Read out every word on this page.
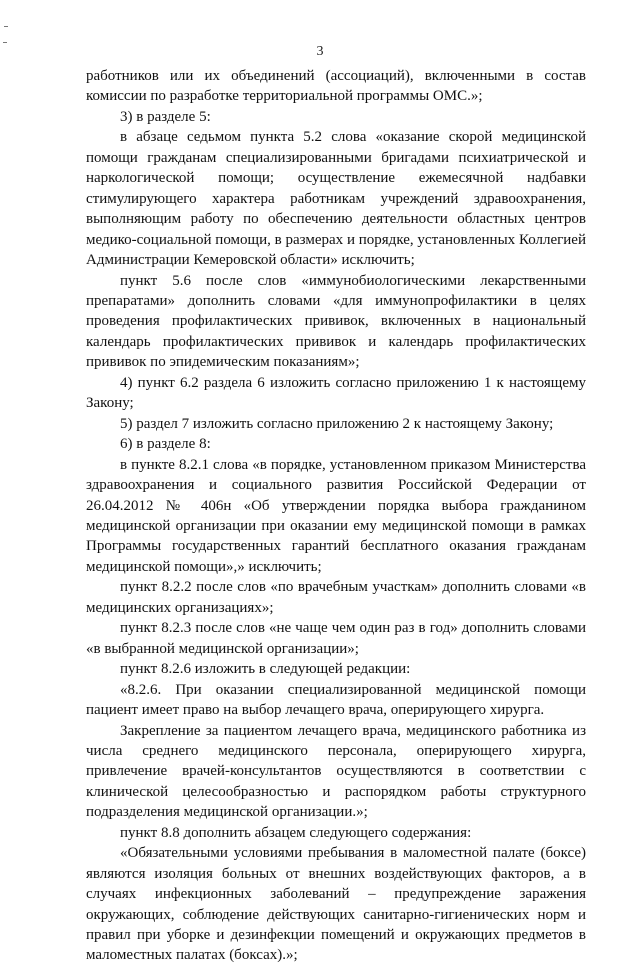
3

работников или их объединений (ассоциаций), включенными в состав комиссии по разработке территориальной программы ОМС.»;

3) в разделе 5:

в абзаце седьмом пункта 5.2 слова «оказание скорой медицинской помощи гражданам специализированными бригадами психиатрической и наркологической помощи; осуществление ежемесячной надбавки стимулирующего характера работникам учреждений здравоохранения, выполняющим работу по обеспечению деятельности областных центров медико-социальной помощи, в размерах и порядке, установленных Коллегией Администрации Кемеровской области» исключить;

пункт 5.6 после слов «иммунобиологическими лекарственными препаратами» дополнить словами «для иммунопрофилактики в целях проведения профилактических прививок, включенных в национальный календарь профилактических прививок и календарь профилактических прививок по эпидемическим показаниям»;

4) пункт 6.2 раздела 6 изложить согласно приложению 1 к настоящему Закону;

5) раздел 7 изложить согласно приложению 2 к настоящему Закону;

6) в разделе 8:

в пункте 8.2.1 слова «в порядке, установленном приказом Министерства здравоохранения и социального развития Российской Федерации от 26.04.2012 № 406н «Об утверждении порядка выбора гражданином медицинской организации при оказании ему медицинской помощи в рамках Программы государственных гарантий бесплатного оказания гражданам медицинской помощи»,» исключить;

пункт 8.2.2 после слов «по врачебным участкам» дополнить словами «в медицинских организациях»;

пункт 8.2.3 после слов «не чаще чем один раз в год» дополнить словами «в выбранной медицинской организации»;

пункт 8.2.6 изложить в следующей редакции:

«8.2.6. При оказании специализированной медицинской помощи пациент имеет право на выбор лечащего врача, оперирующего хирурга.

Закрепление за пациентом лечащего врача, медицинского работника из числа среднего медицинского персонала, оперирующего хирурга, привлечение врачей-консультантов осуществляются в соответствии с клинической целесообразностью и распорядком работы структурного подразделения медицинской организации.»;

пункт 8.8 дополнить абзацем следующего содержания:

«Обязательными условиями пребывания в маломестной палате (боксе) являются изоляция больных от внешних воздействующих факторов, а в случаях инфекционных заболеваний – предупреждение заражения окружающих, соблюдение действующих санитарно-гигиенических норм и правил при уборке и дезинфекции помещений и окружающих предметов в маломестных палатах (боксах).»;
